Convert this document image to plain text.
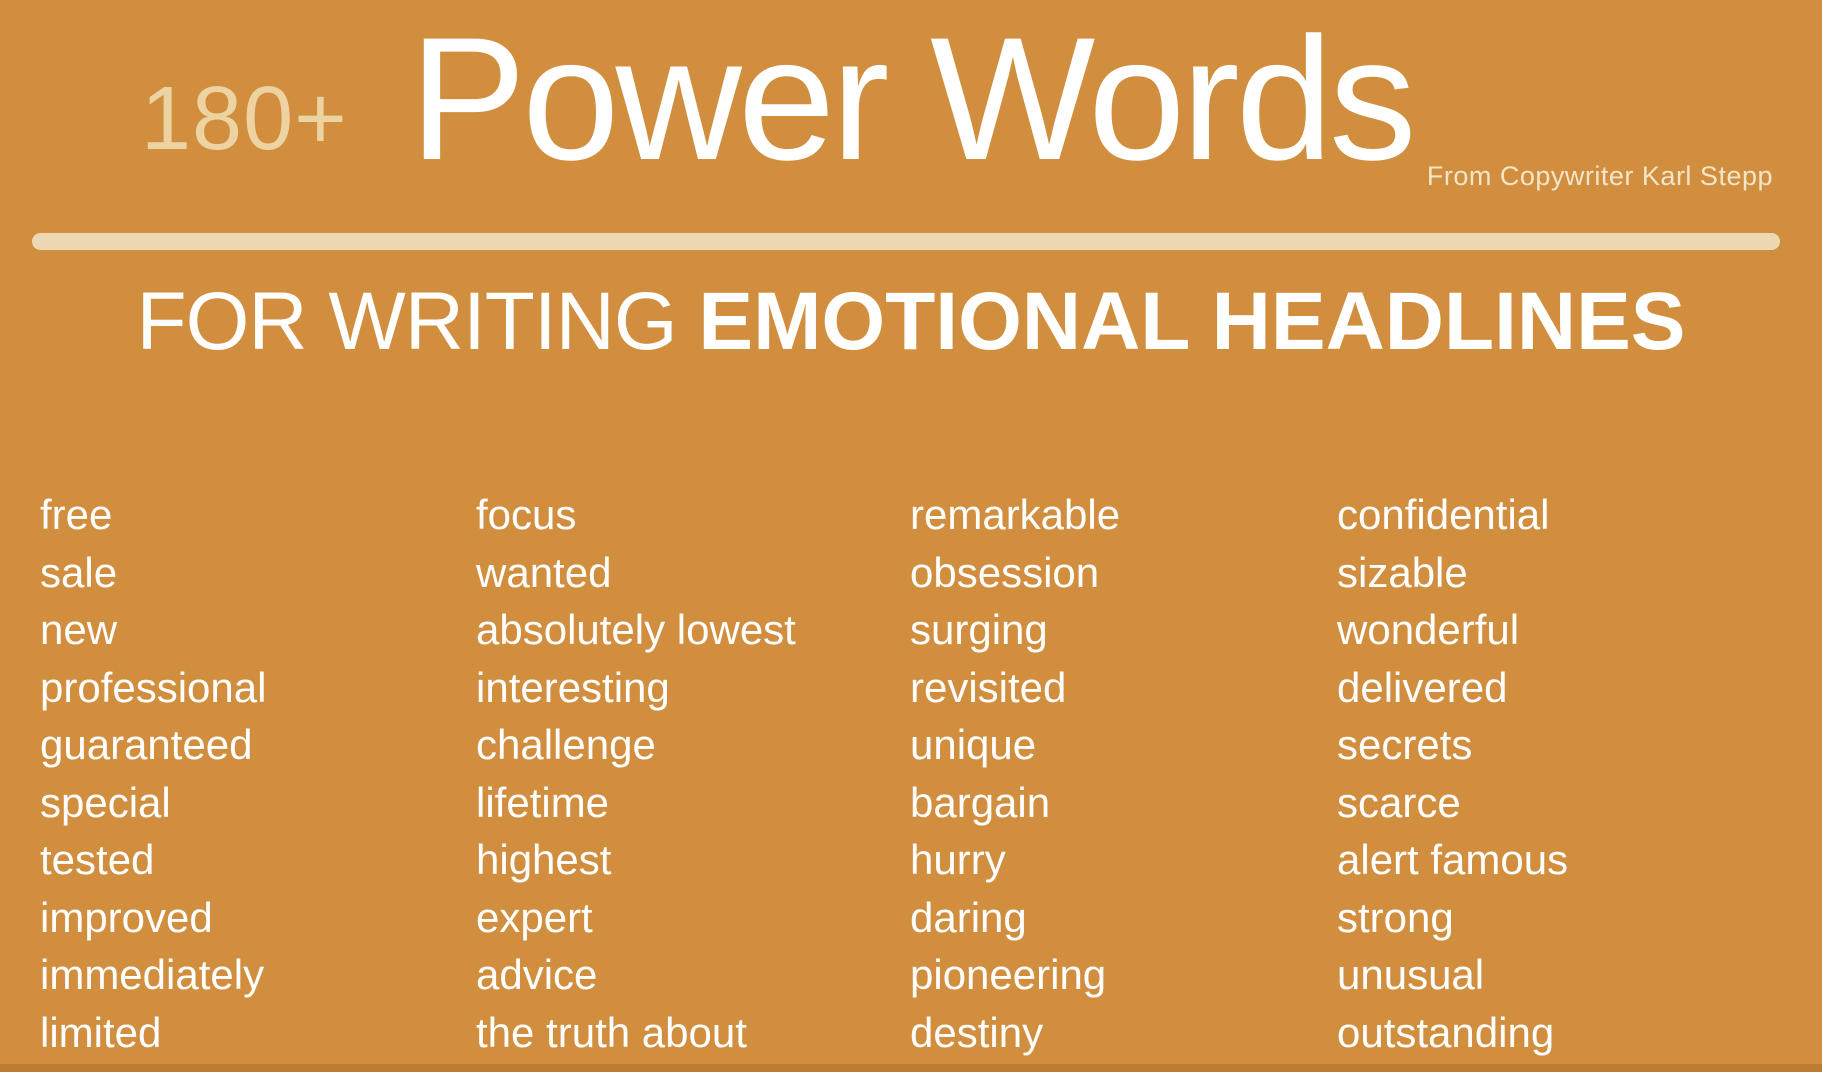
180+ Power Words From Copywriter Karl Stepp
FOR WRITING EMOTIONAL HEADLINES
free
sale
new
professional
guaranteed
special
tested
improved
immediately
limited
focus
wanted
absolutely lowest
interesting
challenge
lifetime
highest
expert
advice
the truth about
remarkable
obsession
surging
revisited
unique
bargain
hurry
daring
pioneering
destiny
confidential
sizable
wonderful
delivered
secrets
scarce
alert famous
strong
unusual
outstanding
